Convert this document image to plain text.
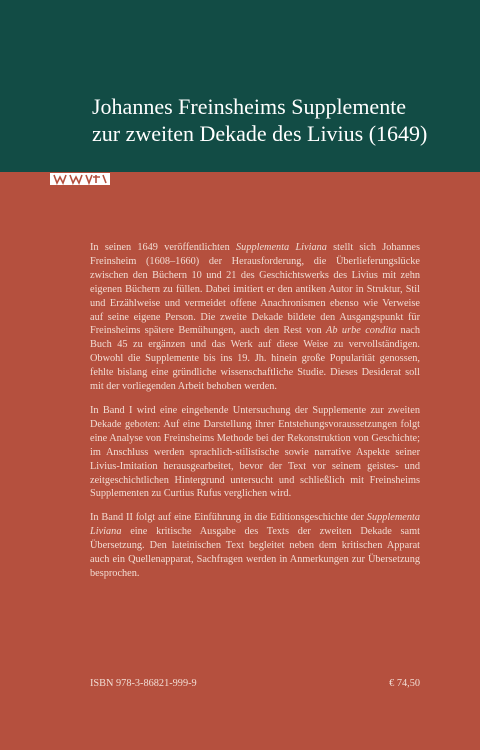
Johannes Freinsheims Supplemente
zur zweiten Dekade des Livius (1649)

In seinen 1649 veröffentlichten Supplementa Liviana stellt sich Johannes Freinsheim (1608–1660) der Herausforderung, die Überlieferungslücke zwischen den Büchern 10 und 21 des Geschichtswerks des Livius mit zehn eigenen Büchern zu füllen. Dabei imitiert er den antiken Autor in Struktur, Stil und Erzählweise und vermeidet offene Anachronismen ebenso wie Verweise auf seine eigene Person. Die zweite Dekade bildete den Ausgangspunkt für Freinsheims spätere Bemühungen, auch den Rest von Ab urbe condita nach Buch 45 zu ergänzen und das Werk auf diese Weise zu vervollständigen. Obwohl die Supplemente bis ins 19. Jh. hinein große Popularität genossen, fehlte bislang eine gründliche wissenschaftliche Studie. Dieses Desiderat soll mit der vorliegenden Arbeit behoben werden.

In Band I wird eine eingehende Untersuchung der Supplemente zur zweiten Dekade geboten: Auf eine Darstellung ihrer Entstehungsvoraussetzungen folgt eine Analyse von Freinsheims Methode bei der Rekonstruktion von Geschichte; im Anschluss werden sprachlich-stilistische sowie narrative Aspekte seiner Livius-Imitation herausgearbeitet, bevor der Text vor seinem geistes- und zeitgeschichtlichen Hintergrund untersucht und schließlich mit Freinsheims Supplementen zu Curtius Rufus verglichen wird.

In Band II folgt auf eine Einführung in die Editionsgeschichte der Supplementa Liviana eine kritische Ausgabe des Texts der zweiten Dekade samt Übersetzung. Den lateinischen Text begleitet neben dem kritischen Apparat auch ein Quellenapparat, Sachfragen werden in Anmerkungen zur Übersetzung besprochen.

ISBN 978-3-86821-999-9	€ 74,50
